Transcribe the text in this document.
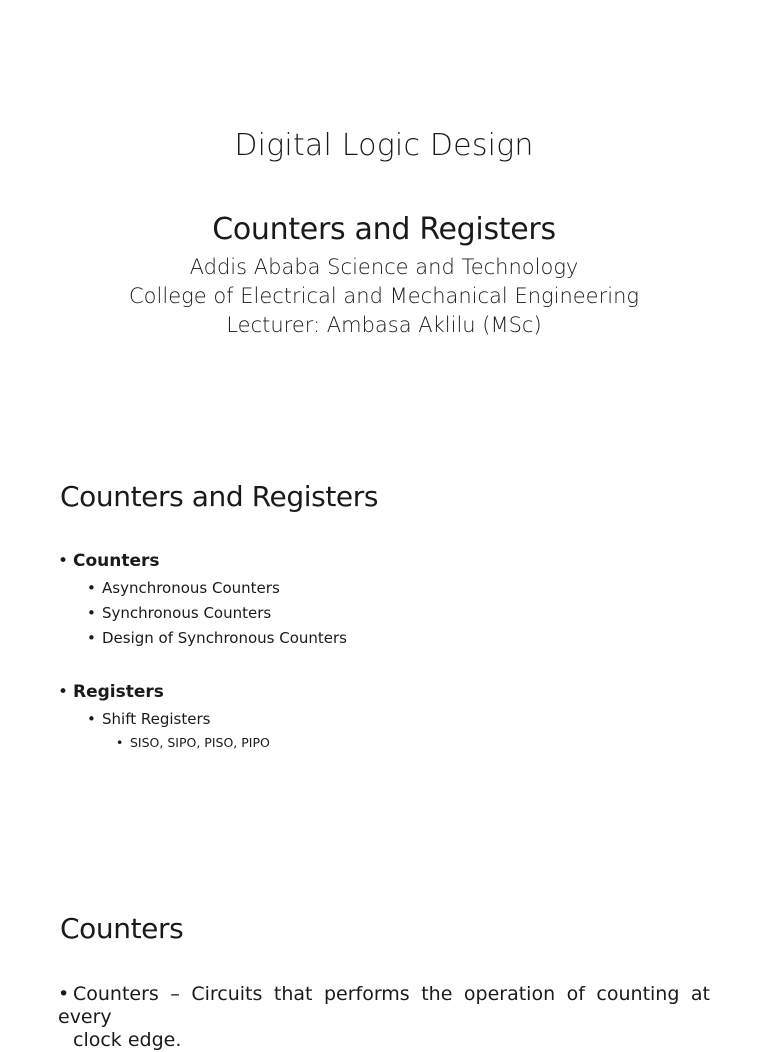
Digital Logic Design
Counters and Registers
Addis Ababa Science and Technology
College of Electrical and Mechanical Engineering
Lecturer: Ambasa Aklilu (MSc)
Counters and Registers
• Counters
• Asynchronous Counters
• Synchronous Counters
• Design of Synchronous Counters
• Registers
• Shift Registers
• SISO, SIPO, PISO, PIPO
Counters
• Counters – Circuits that performs the operation of counting at every
clock edge.
